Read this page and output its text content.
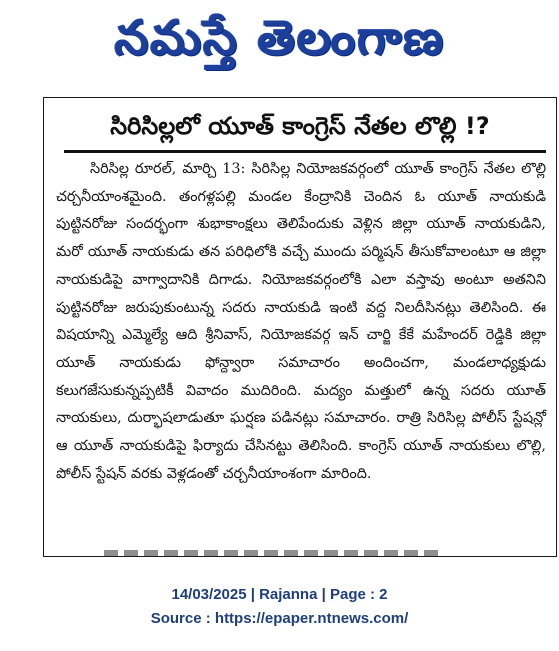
నమస్తే తెలంగాణ
సిరిసిల్లలో యూత్ కాంగ్రెస్ నేతల లొల్లి !?

సిరిసిల్ల రూరల్, మార్చి 13: సిరిసిల్ల నియోజకవర్గంలో యూత్ కాంగ్రెస్ నేతల లొల్లి చర్చనీయాంశమైంది. తంగళ్లపల్లి మండల కేంద్రానికి చెందిన ఓ యూత్ నాయకుడి పుట్టినరోజు సందర్భంగా శుభాకాంక్షలు తెలిపేందుకు వెళ్లిన జిల్లా యూత్ నాయకుడిని, మరో యూత్ నాయకుడు తన పరిధిలోకి వచ్చే ముందు పర్మిషన్ తీసుకోవాలంటూ ఆ జిల్లా నాయకుడిపై వాగ్వాదానికి దిగాడు. నియోజకవర్గంలోకి ఎలా వస్తావు అంటూ అతనిని పుట్టినరోజు జరుపుకుంటున్న సదరు నాయకుడి ఇంటి వద్ద నిలదీసినట్లు తెలిసింది. ఈ విషయాన్ని ఎమ్మెల్యే ఆది శ్రీనివాస్, నియోజకవర్గ ఇన్ చార్జి కేకే మహేందర్ రెడ్డికి జిల్లా యూత్ నాయకుడు ఫోన్ద్వారా సమాచారం అందించగా, మండలాధ్యక్షుడు కలుగజేసుకున్నప్పటికీ వివాదం ముదిరింది. మద్యం మత్తులో ఉన్న సదరు యూత్ నాయకులు, దుర్భాషలాడుతూ ఘర్షణ పడినట్లు సమాచారం. రాత్రి సిరిసిల్ల పోలీస్ స్టేషన్లో ఆ యూత్ నాయకుడిపై ఫిర్యాదు చేసినట్టు తెలిసింది. కాంగ్రెస్ యూత్ నాయకులు లొల్లి, పోలీస్ స్టేషన్ వరకు వెళ్లడంతో చర్చనీయాంశంగా మారింది.

14/03/2025 | Rajanna | Page : 2
Source : https://epaper.ntnews.com/
